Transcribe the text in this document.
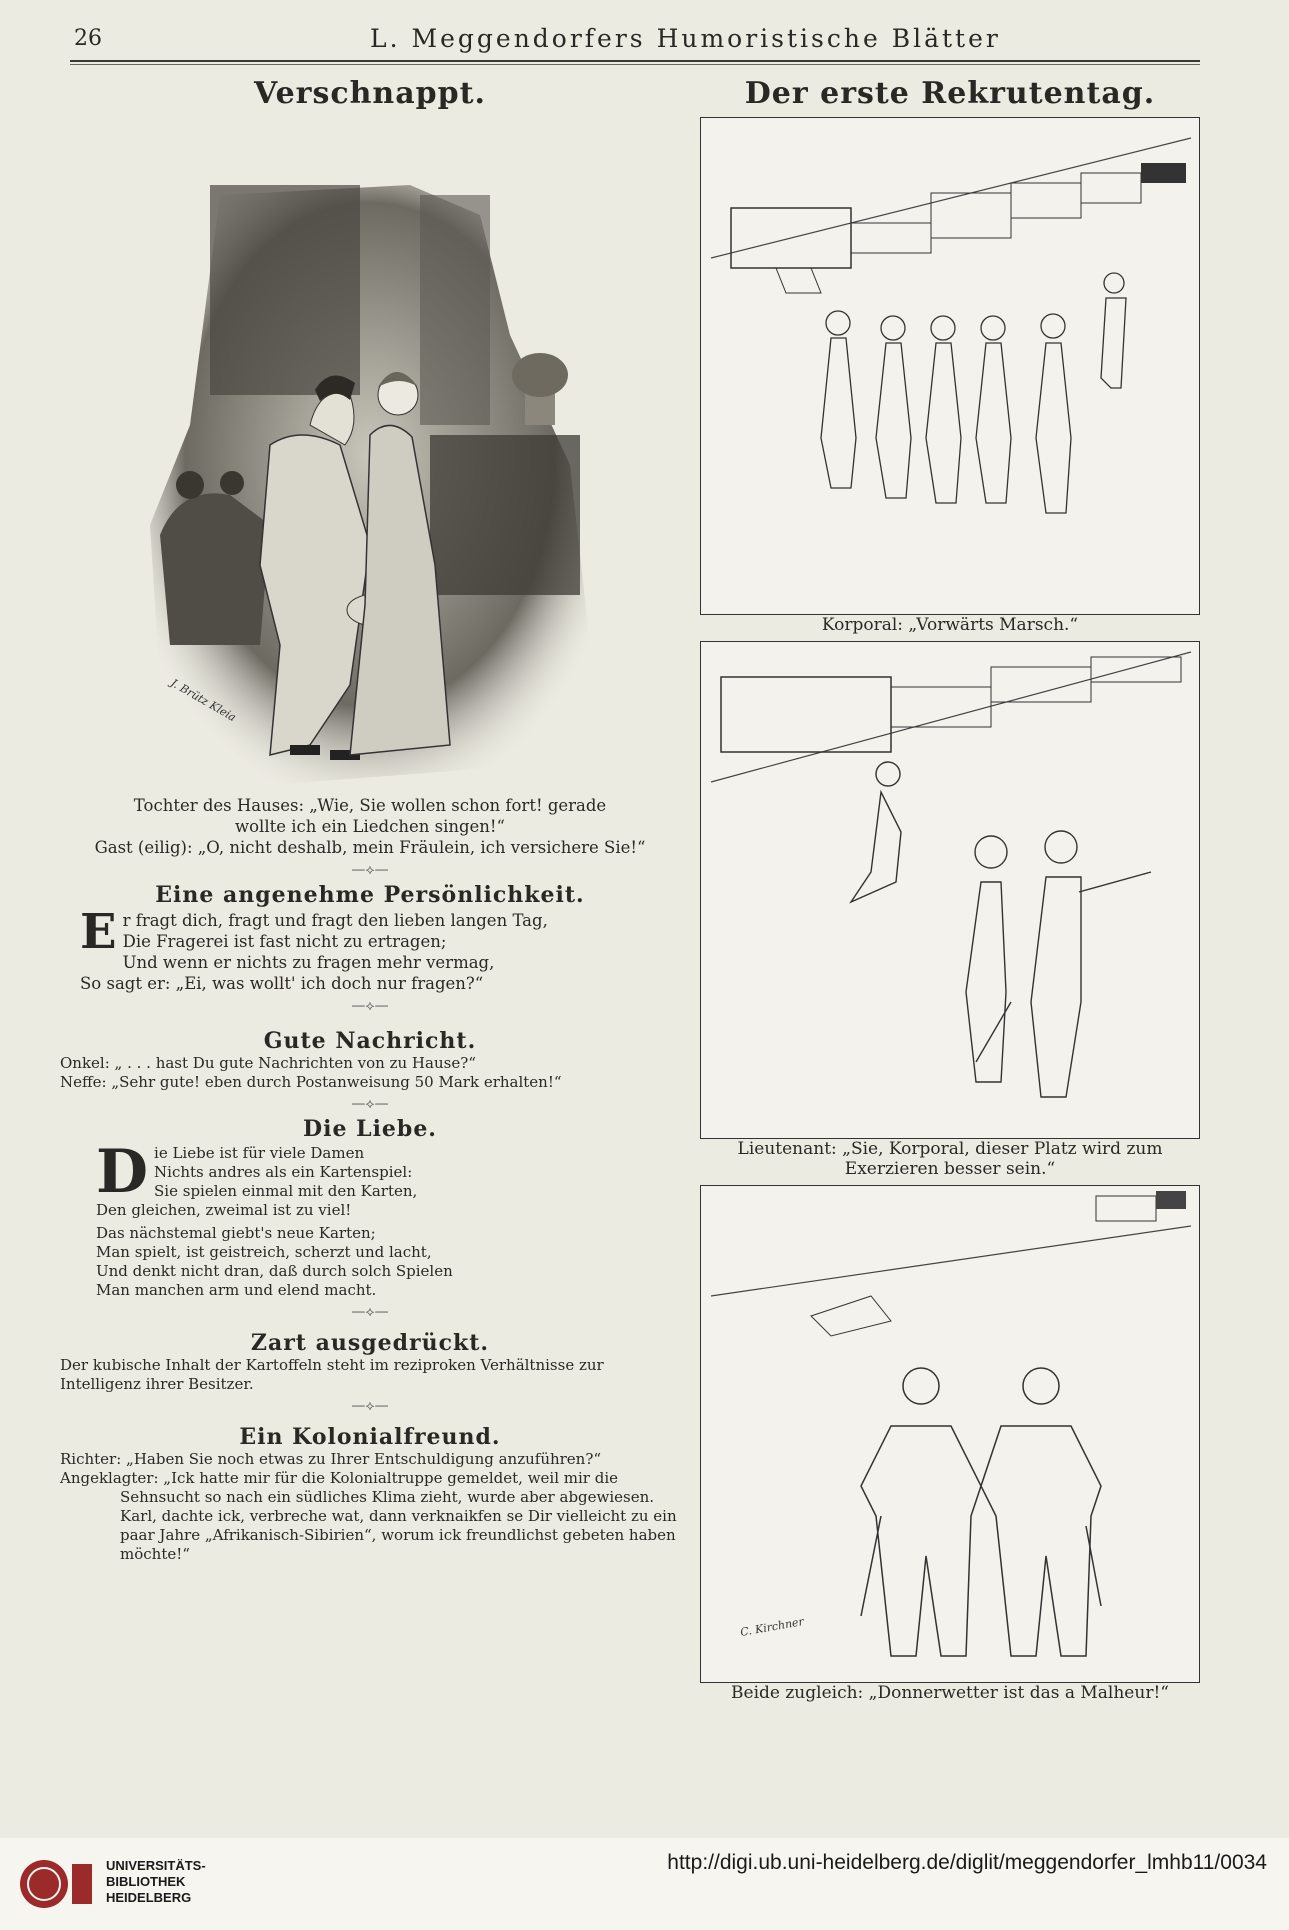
26	L. Meggendorfers Humoristische Blätter
Verschnappt.
J. Brütz Kleia

Tochter des Hauses: „Wie, Sie wollen schon fort! gerade

wollte ich ein Liedchen singen!“

Gast (eilig): „O, nicht deshalb, mein Fräulein, ich versichere Sie!“

—⟡—
Eine angenehme Persönlichkeit.
E r fragt dich, fragt und fragt den lieben langen Tag,

Die Fragerei ist fast nicht zu ertragen;

Und wenn er nichts zu fragen mehr vermag,

So sagt er: „Ei, was wollt' ich doch nur fragen?“

—⟡—
Gute Nachricht.

Onkel: „ . . . hast Du gute Nachrichten von zu Hause?“

Neffe: „Sehr gute! eben durch Postanweisung 50 Mark erhalten!“

—⟡—
Die Liebe.
D ie Liebe ist für viele Damen

Nichts andres als ein Kartenspiel:

Sie spielen einmal mit den Karten,

Den gleichen, zweimal ist zu viel!

Das nächstemal giebt's neue Karten;

Man spielt, ist geistreich, scherzt und lacht,

Und denkt nicht dran, daß durch solch Spielen

Man manchen arm und elend macht.

—⟡—
Zart ausgedrückt.

Der kubische Inhalt der Kartoffeln steht im reziproken Verhältnisse zur Intelligenz ihrer Besitzer.

—⟡—
Ein Kolonialfreund.

Richter: „Haben Sie noch etwas zu Ihrer Entschuldigung anzuführen?“

Angeklagter: „Ick hatte mir für die Kolonialtruppe gemeldet, weil mir die Sehnsucht so nach ein südliches Klima zieht, wurde aber abgewiesen. Karl, dachte ick, verbreche wat, dann verknaikfen se Dir vielleicht zu ein paar Jahre „Afrikanisch-Sibirien“, worum ick freundlichst gebeten haben möchte!“

Der erste Rekrutentag.

Korporal: „Vorwärts Marsch.“

Lieutenant: „Sie, Korporal, dieser Platz wird zum Exerzieren besser sein.“

C. Kirchner

Beide zugleich: „Donnerwetter ist das a Malheur!“

UNIVERSITÄTS-
BIBLIOTHEK
HEIDELBERG
http://digi.ub.uni-heidelberg.de/diglit/meggendorfer_lmhb11/0034
